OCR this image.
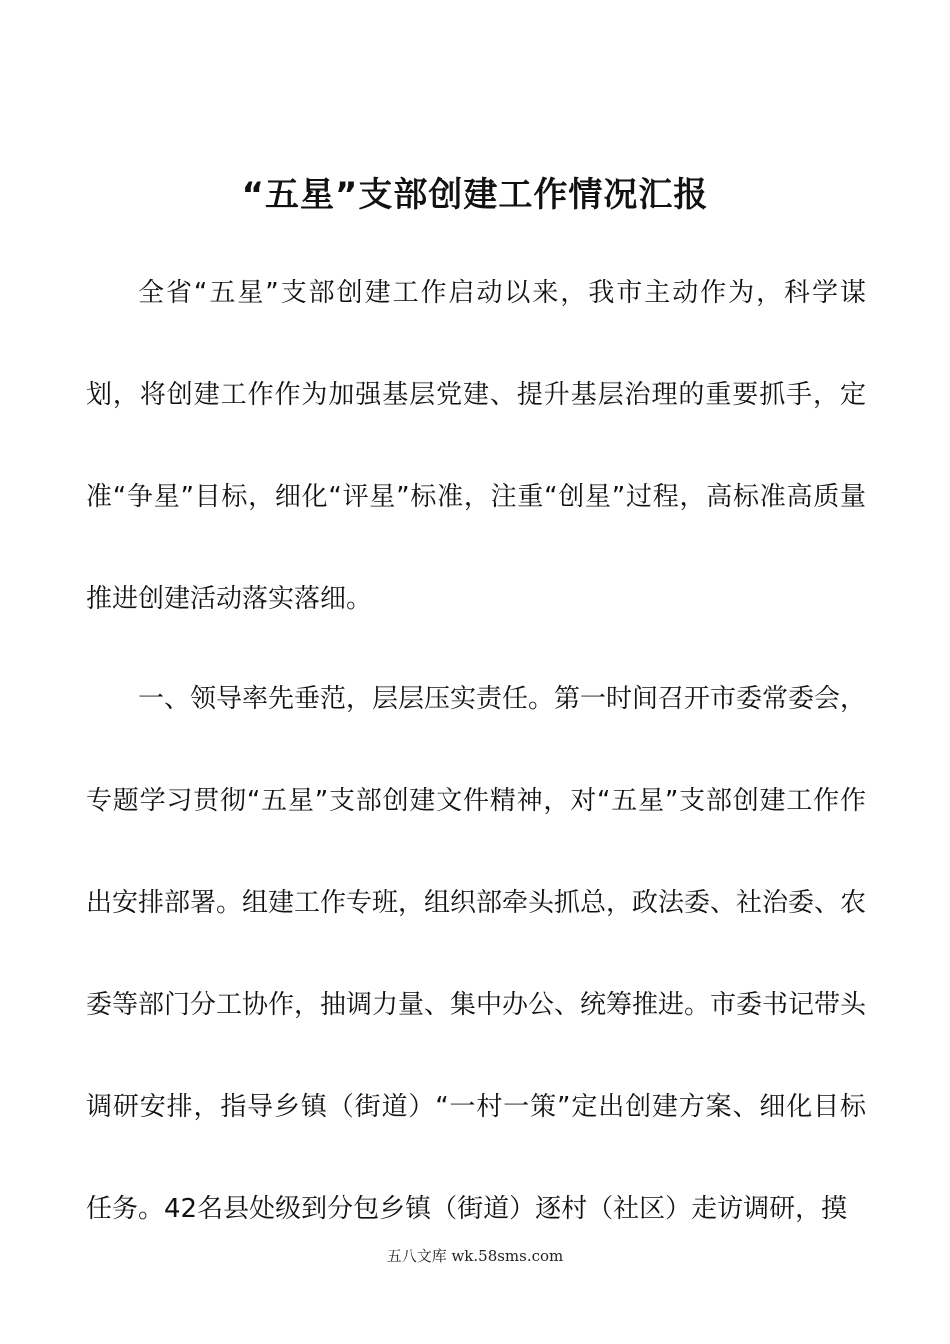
“五星”支部创建工作情况汇报

全省“五星”支部创建工作启动以来，我市主动作为，科学谋划，将创建工作作为加强基层党建、提升基层治理的重要抓手，定准“争星”目标，细化“评星”标准，注重“创星”过程，高标准高质量推进创建活动落实落细。

一、领导率先垂范，层层压实责任。第一时间召开市委常委会，专题学习贯彻“五星”支部创建文件精神，对“五星”支部创建工作作出安排部署。组建工作专班，组织部牵头抓总，政法委、社治委、农委等部门分工协作，抽调力量、集中办公、统筹推进。市委书记带头调研安排，指导乡镇（街道）“一村一策”定出创建方案、细化目标任务。42名县处级到分包乡镇（街道）逐村（社区）走访调研，摸

五八文库 wk.58sms.com
